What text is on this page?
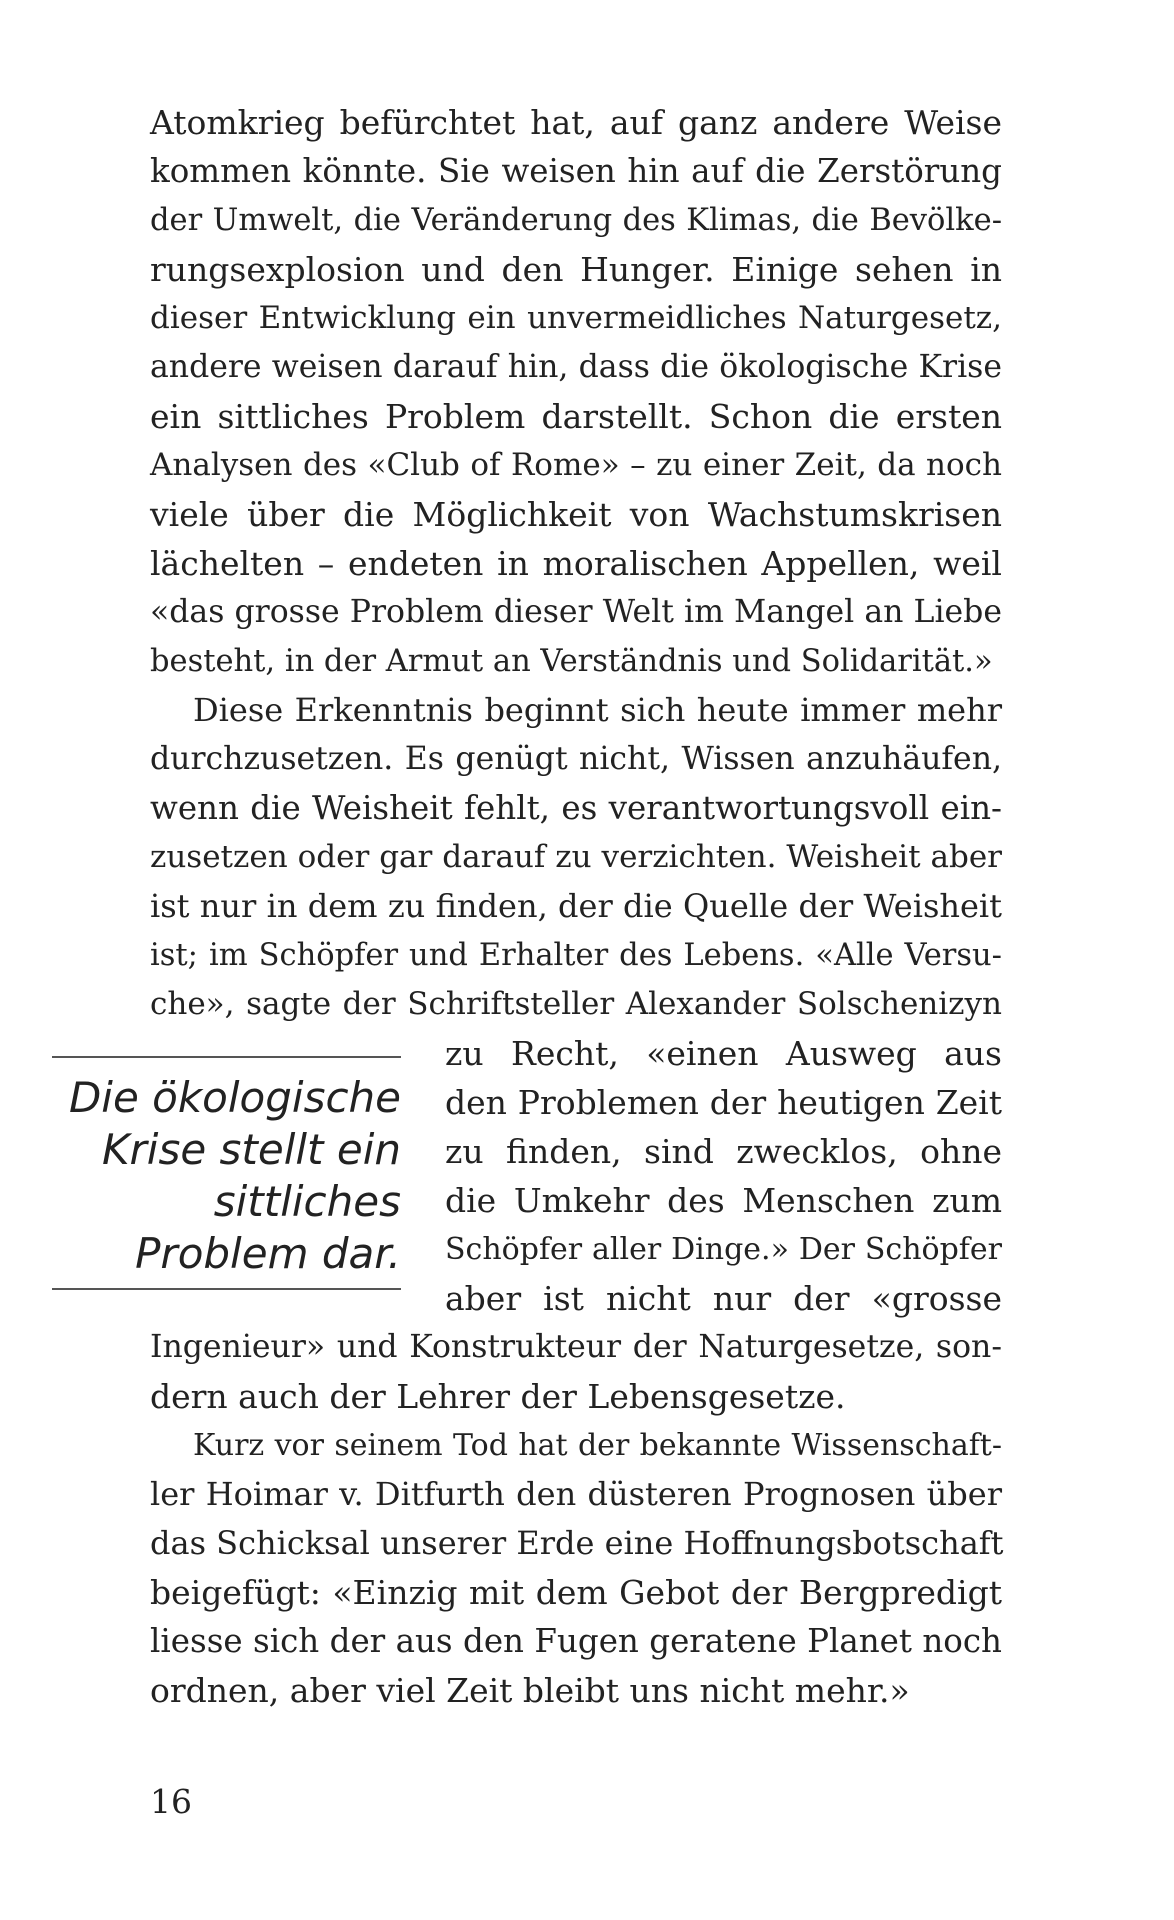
Atomkrieg befürchtet hat, auf ganz andere Weise
kommen könnte. Sie weisen hin auf die Zerstörung
der Umwelt, die Veränderung des Klimas, die Bevölke-
rungsexplosion und den Hunger. Einige sehen in
dieser Entwicklung ein unvermeidliches Naturgesetz,
andere weisen darauf hin, dass die ökologische Krise
ein sittliches Problem darstellt. Schon die ersten
Analysen des «Club of Rome» – zu einer Zeit, da noch
viele über die Möglichkeit von Wachstumskrisen
lächelten – endeten in moralischen Appellen, weil
«das grosse Problem dieser Welt im Mangel an Liebe
besteht, in der Armut an Verständnis und Solidarität.»
Diese Erkenntnis beginnt sich heute immer mehr
durchzusetzen. Es genügt nicht, Wissen anzuhäufen,
wenn die Weisheit fehlt, es verantwortungsvoll ein-
zusetzen oder gar darauf zu verzichten. Weisheit aber
ist nur in dem zu finden, der die Quelle der Weisheit
ist; im Schöpfer und Erhalter des Lebens. «Alle Versu-
che», sagte der Schriftsteller Alexander Solschenizyn
zu Recht, «einen Ausweg aus
den Problemen der heutigen Zeit
zu finden, sind zwecklos, ohne
die Umkehr des Menschen zum
Schöpfer aller Dinge.» Der Schöpfer
aber ist nicht nur der «grosse
Ingenieur» und Konstrukteur der Naturgesetze, son-
dern auch der Lehrer der Lebensgesetze.
Kurz vor seinem Tod hat der bekannte Wissenschaft-
ler Hoimar v. Ditfurth den düsteren Prognosen über
das Schicksal unserer Erde eine Hoffnungsbotschaft
beigefügt: «Einzig mit dem Gebot der Bergpredigt
liesse sich der aus den Fugen geratene Planet noch
ordnen, aber viel Zeit bleibt uns nicht mehr.»
Die ökologische
Krise stellt ein
sittliches
Problem dar.
16
